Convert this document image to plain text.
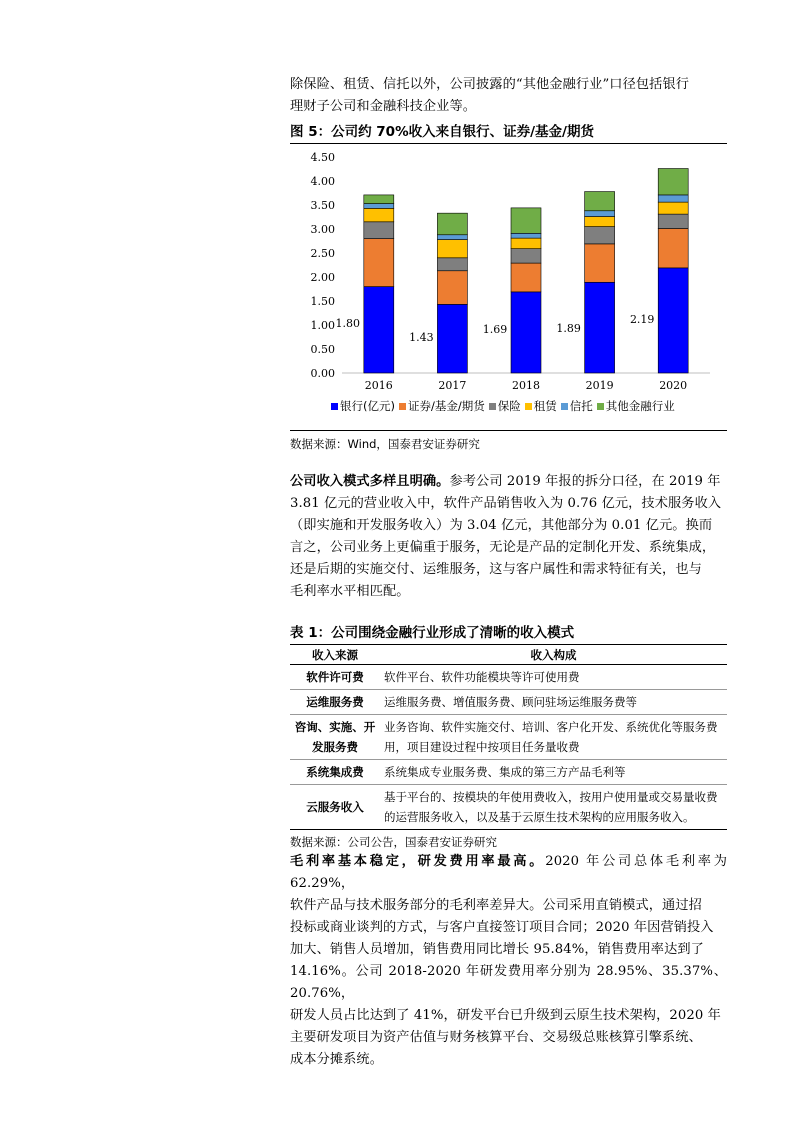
除保险、租赁、信托以外，公司披露的“其他金融行业”口径包括银行

理财子公司和金融科技企业等。

图 5：公司约 70%收入来自银行、证券/基金/期货

0.00
0.50
1.00
1.50
2.00
2.50
3.00
3.50
4.00
4.50
2016	2017	2018	2019	2020
1.80
1.43
1.69	1.89
2.19
银行(亿元) 证券/基金/期货 保险 租赁 信托 其他金融行业

数据来源：Wind，国泰君安证券研究

公司收入模式多样且明确。参考公司 2019 年报的拆分口径，在 2019 年

3.81 亿元的营业收入中，软件产品销售收入为 0.76 亿元，技术服务收入

（即实施和开发服务收入）为 3.04 亿元，其他部分为 0.01 亿元。换而

言之，公司业务上更偏重于服务，无论是产品的定制化开发、系统集成，

还是后期的实施交付、运维服务，这与客户属性和需求特征有关，也与

毛利率水平相匹配。

表 1：公司围绕金融行业形成了清晰的收入模式

收入来源	收入构成
软件许可费	软件平台、软件功能模块等许可使用费
运维服务费	运维服务费、增值服务费、顾问驻场运维服务费等
咨询、实施、开发服务费	业务咨询、软件实施交付、培训、客户化开发、系统优化等服务费用，项目建设过程中按项目任务量收费
系统集成费	系统集成专业服务费、集成的第三方产品毛利等
云服务收入	基于平台的、按模块的年使用费收入，按用户使用量或交易量收费的运营服务收入，以及基于云原生技术架构的应用服务收入。

数据来源：公司公告，国泰君安证券研究

毛利率基本稳定，研发费用率最高。2020 年公司总体毛利率为 62.29%，

软件产品与技术服务部分的毛利率差异大。公司采用直销模式，通过招

投标或商业谈判的方式，与客户直接签订项目合同；2020 年因营销投入

加大、销售人员增加，销售费用同比增长 95.84%，销售费用率达到了

14.16%。公司 2018-2020 年研发费用率分别为 28.95%、35.37%、20.76%，

研发人员占比达到了 41%，研发平台已升级到云原生技术架构，2020 年

主要研发项目为资产估值与财务核算平台、交易级总账核算引擎系统、

成本分摊系统。
